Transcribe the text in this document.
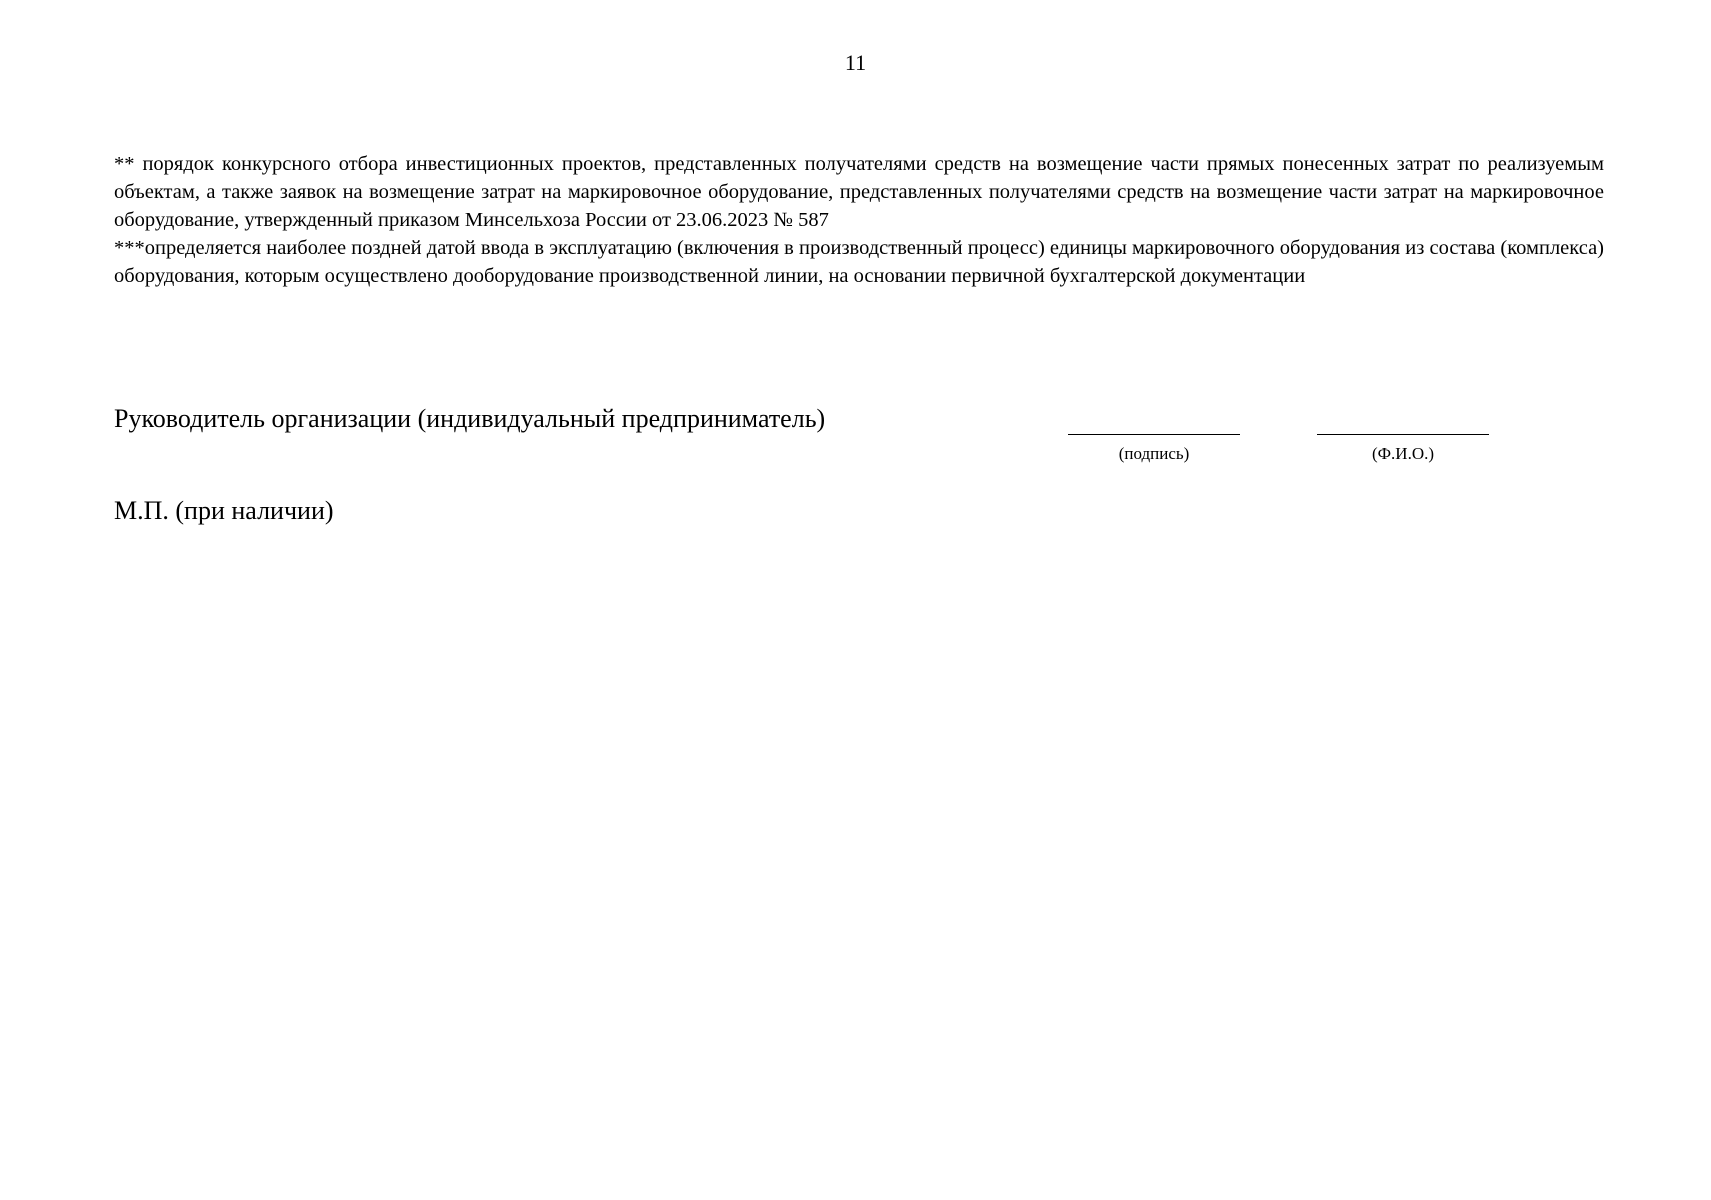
11

** порядок конкурсного отбора инвестиционных проектов, представленных получателями средств на возмещение части прямых понесенных затрат по реализуемым объектам, а также заявок на возмещение затрат на маркировочное оборудование, представленных получателями средств на возмещение части затрат на маркировочное оборудование, утвержденный приказом Минсельхоза России от 23.06.2023 № 587

***определяется наиболее поздней датой ввода в эксплуатацию (включения в производственный процесс) единицы маркировочного оборудования из состава (комплекса) оборудования, которым осуществлено дооборудование производственной линии, на основании первичной бухгалтерской документации

Руководитель организации (индивидуальный предприниматель)
(подпись)	(Ф.И.О.)
М.П. (при наличии)
